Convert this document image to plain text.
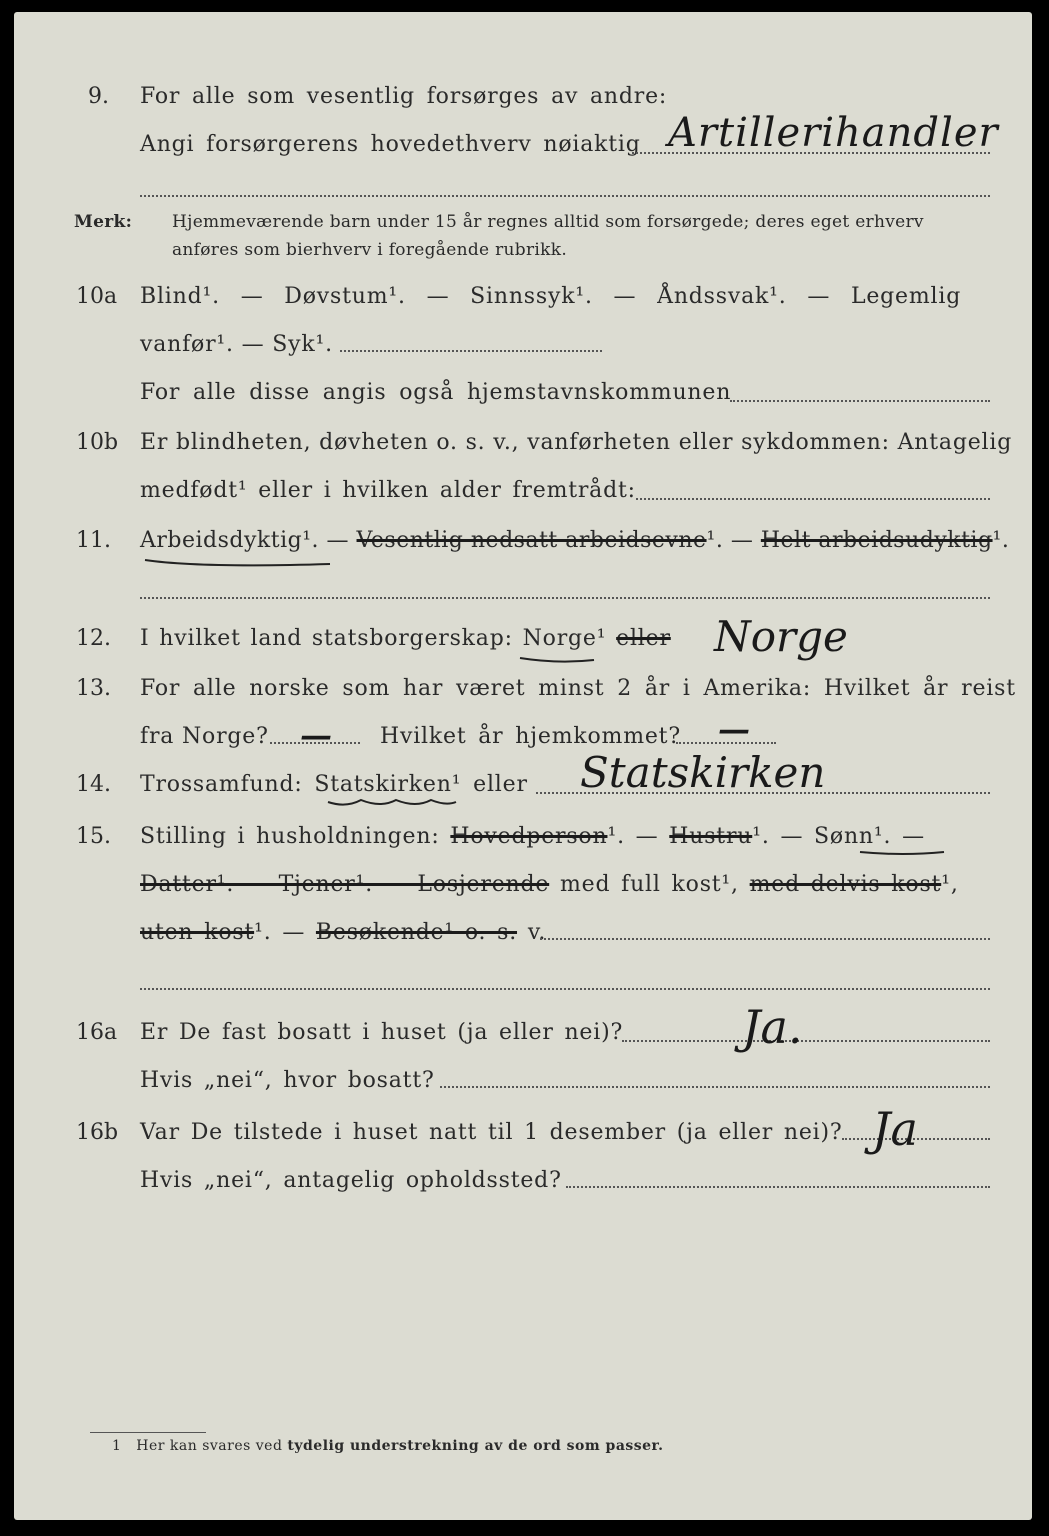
9. For alle som vesentlig forsørges av andre:
Angi forsørgerens hovedethverv nøiaktig Artillerihandler
Merk: Hjemmeværende barn under 15 år regnes alltid som forsørgede; deres eget erhverv
anføres som bierhverv i foregående rubrikk.
10a Blind¹. — Døvstum¹. — Sinnssyk¹. — Åndssvak¹. — Legemlig
vanfør¹. — Syk¹.
For alle disse angis også hjemstavnskommunen
10b Er blindheten, døvheten o. s. v., vanførheten eller sykdommen: Antagelig
medfødt¹ eller i hvilken alder fremtrådt:
11. Arbeidsdyktig¹. — Vesentlig nedsatt arbeidsevne¹. — Helt arbeidsudyktig¹.
12. I hvilket land statsborgerskap: Norge¹ eller Norge
13. For alle norske som har været minst 2 år i Amerika: Hvilket år reist
fra Norge? — Hvilket år hjemkommet? —
14. Trossamfund: Statskirken¹ eller Statskirken
15. Stilling i husholdningen: Hovedperson¹. — Hustru¹. — Sønn¹. —
Datter¹. — Tjener¹. — Losjerende med full kost¹, med delvis kost¹,
uten kost¹. — Besøkende¹ o. s. v.
16a Er De fast bosatt i huset (ja eller nei)?	Ja.
Hvis „nei“, hvor bosatt?
16b Var De tilstede i huset natt til 1 desember (ja eller nei)? Ja
Hvis „nei“, antagelig opholdssted?
1 Her kan svares ved tydelig understrekning av de ord som passer.
